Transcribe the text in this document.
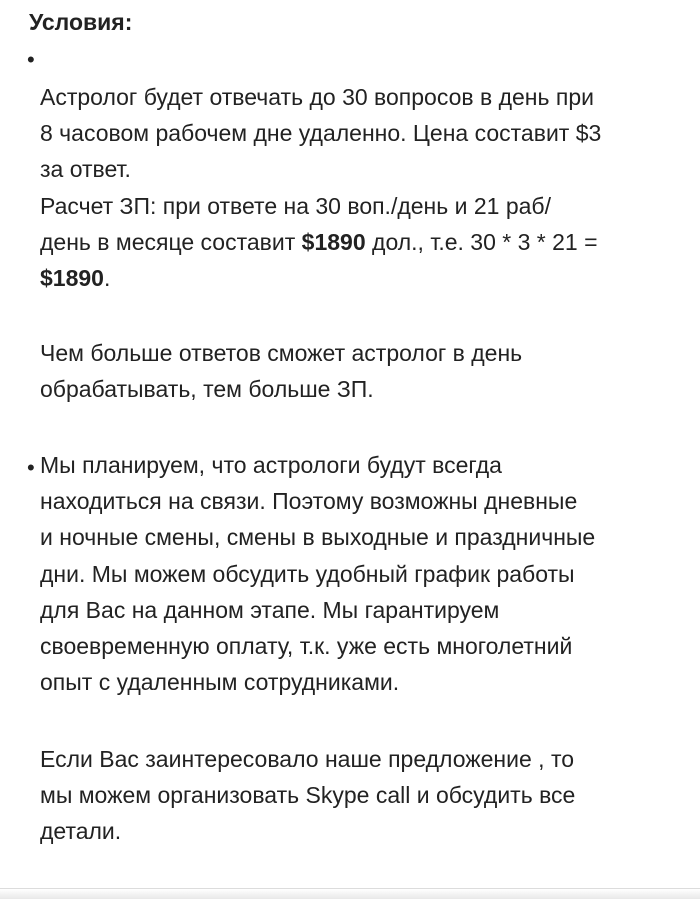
Условия:
•

Астролог будет отвечать до 30 вопросов в день при
8 часовом рабочем дне удаленно. Цена составит $3
за ответ.
Расчет ЗП: при ответе на 30 воп./день и 21 раб/
день в месяце составит $1890 дол., т.е. 30 * 3 * 21 =
$1890.

Чем больше ответов сможет астролог в день
обрабатывать, тем больше ЗП.

• Мы планируем, что астрологи будут всегда
находиться на связи. Поэтому возможны дневные
и ночные смены, смены в выходные и праздничные
дни. Мы можем обсудить удобный график работы
для Вас на данном этапе. Мы гарантируем
своевременную оплату, т.к. уже есть многолетний
опыт с удаленным сотрудниками.

Если Вас заинтересовало наше предложение , то
мы можем организовать Skype call и обсудить все
детали.
